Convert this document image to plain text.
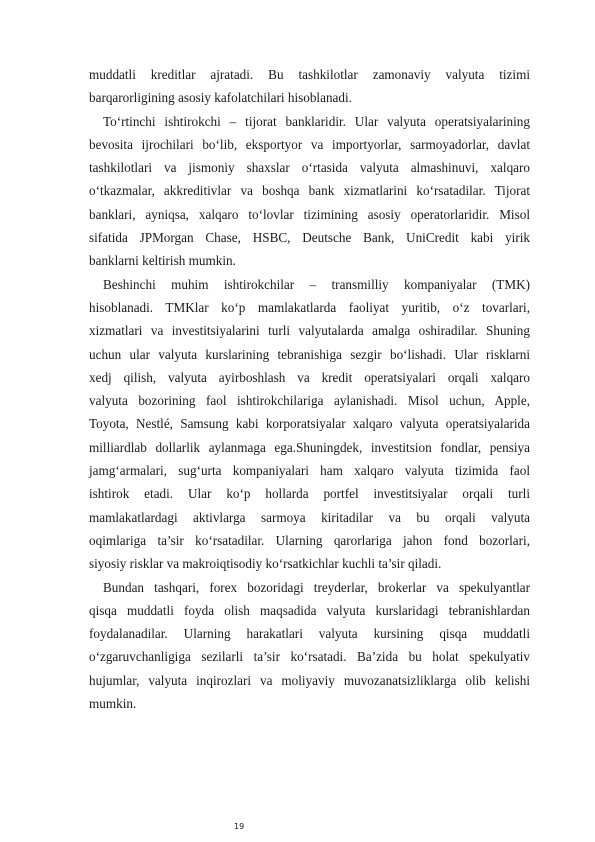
muddatli kreditlar ajratadi. Bu tashkilotlar zamonaviy valyuta tizimi
barqarorligining asosiy kafolatchilari hisoblanadi.
To‘rtinchi ishtirokchi – tijorat banklaridir. Ular valyuta operatsiyalarining
bevosita ijrochilari bo‘lib, eksportyor va importyorlar, sarmoyadorlar, davlat
tashkilotlari va jismoniy shaxslar o‘rtasida valyuta almashinuvi, xalqaro
o‘tkazmalar, akkreditivlar va boshqa bank xizmatlarini ko‘rsatadilar. Tijorat
banklari, ayniqsa, xalqaro to‘lovlar tizimining asosiy operatorlaridir. Misol
sifatida JPMorgan Chase, HSBC, Deutsche Bank, UniCredit kabi yirik
banklarni keltirish mumkin.
Beshinchi muhim ishtirokchilar – transmilliy kompaniyalar (TMK)
hisoblanadi. TMKlar ko‘p mamlakatlarda faoliyat yuritib, o‘z tovarlari,
xizmatlari va investitsiyalarini turli valyutalarda amalga oshiradilar. Shuning
uchun ular valyuta kurslarining tebranishiga sezgir bo‘lishadi. Ular risklarni
xedj qilish, valyuta ayirboshlash va kredit operatsiyalari orqali xalqaro
valyuta bozorining faol ishtirokchilariga aylanishadi. Misol uchun, Apple,
Toyota, Nestlé, Samsung kabi korporatsiyalar xalqaro valyuta operatsiyalarida
milliardlab dollarlik aylanmaga ega.Shuningdek, investitsion fondlar, pensiya
jamg‘armalari, sug‘urta kompaniyalari ham xalqaro valyuta tizimida faol
ishtirok etadi. Ular ko‘p hollarda portfel investitsiyalar orqali turli
mamlakatlardagi aktivlarga sarmoya kiritadilar va bu orqali valyuta
oqimlariga ta’sir ko‘rsatadilar. Ularning qarorlariga jahon fond bozorlari,
siyosiy risklar va makroiqtisodiy ko‘rsatkichlar kuchli ta’sir qiladi.
Bundan tashqari, forex bozoridagi treyderlar, brokerlar va spekulyantlar
qisqa muddatli foyda olish maqsadida valyuta kurslaridagi tebranishlardan
foydalanadilar. Ularning harakatlari valyuta kursining qisqa muddatli
o‘zgaruvchanligiga sezilarli ta’sir ko‘rsatadi. Ba’zida bu holat spekulyativ
hujumlar, valyuta inqirozlari va moliyaviy muvozanatsizliklarga olib kelishi
mumkin.
19
